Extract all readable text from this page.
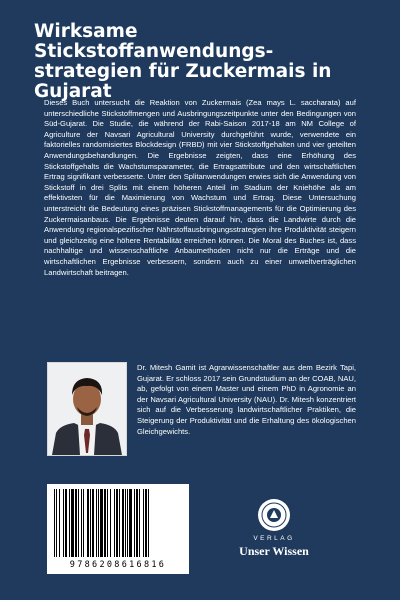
Wirksame Stickstoffanwendungs-strategien für Zuckermais in Gujarat

Dieses Buch untersucht die Reaktion von Zuckermais (Zea mays L. saccharata) auf unterschiedliche Stickstoffmengen und Ausbringungszeitpunkte unter den Bedingungen von Süd-Gujarat. Die Studie, die während der Rabi-Saison 2017-18 am NM College of Agriculture der Navsari Agricultural University durchgeführt wurde, verwendete ein faktorielles randomisiertes Blockdesign (FRBD) mit vier Stickstoffgehalten und vier geteilten Anwendungsbehandlungen. Die Ergebnisse zeigten, dass eine Erhöhung des Stickstoffgehalts die Wachstumsparameter, die Ertragsattribute und den wirtschaftlichen Ertrag signifikant verbesserte. Unter den Splitanwendungen erwies sich die Anwendung von Stickstoff in drei Splits mit einem höheren Anteil im Stadium der Kniehöhe als am effektivsten für die Maximierung von Wachstum und Ertrag. Diese Untersuchung unterstreicht die Bedeutung eines präzisen Stickstoffmanagements für die Optimierung des Zuckermaisanbaus. Die Ergebnisse deuten darauf hin, dass die Landwirte durch die Anwendung regionalspezifischer Nährstoffausbringungsstrategien ihre Produktivität steigern und gleichzeitig eine höhere Rentabilität erreichen können. Die Moral des Buches ist, dass nachhaltige und wissenschaftliche Anbaumethoden nicht nur die Erträge und die wirtschaftlichen Ergebnisse verbessern, sondern auch zu einer umweltverträglichen Landwirtschaft beitragen.

Dr. Mitesh Gamit ist Agrarwissenschaftler aus dem Bezirk Tapi, Gujarat. Er schloss 2017 sein Grundstudium an der COAB, NAU, ab, gefolgt von einem Master und einem PhD in Agronomie an der Navsari Agricultural University (NAU). Dr. Mitesh konzentriert sich auf die Verbesserung landwirtschaftlicher Praktiken, die Steigerung der Produktivität und die Erhaltung des ökologischen Gleichgewichts.

9786208616816
VERLAG
Unser Wissen
